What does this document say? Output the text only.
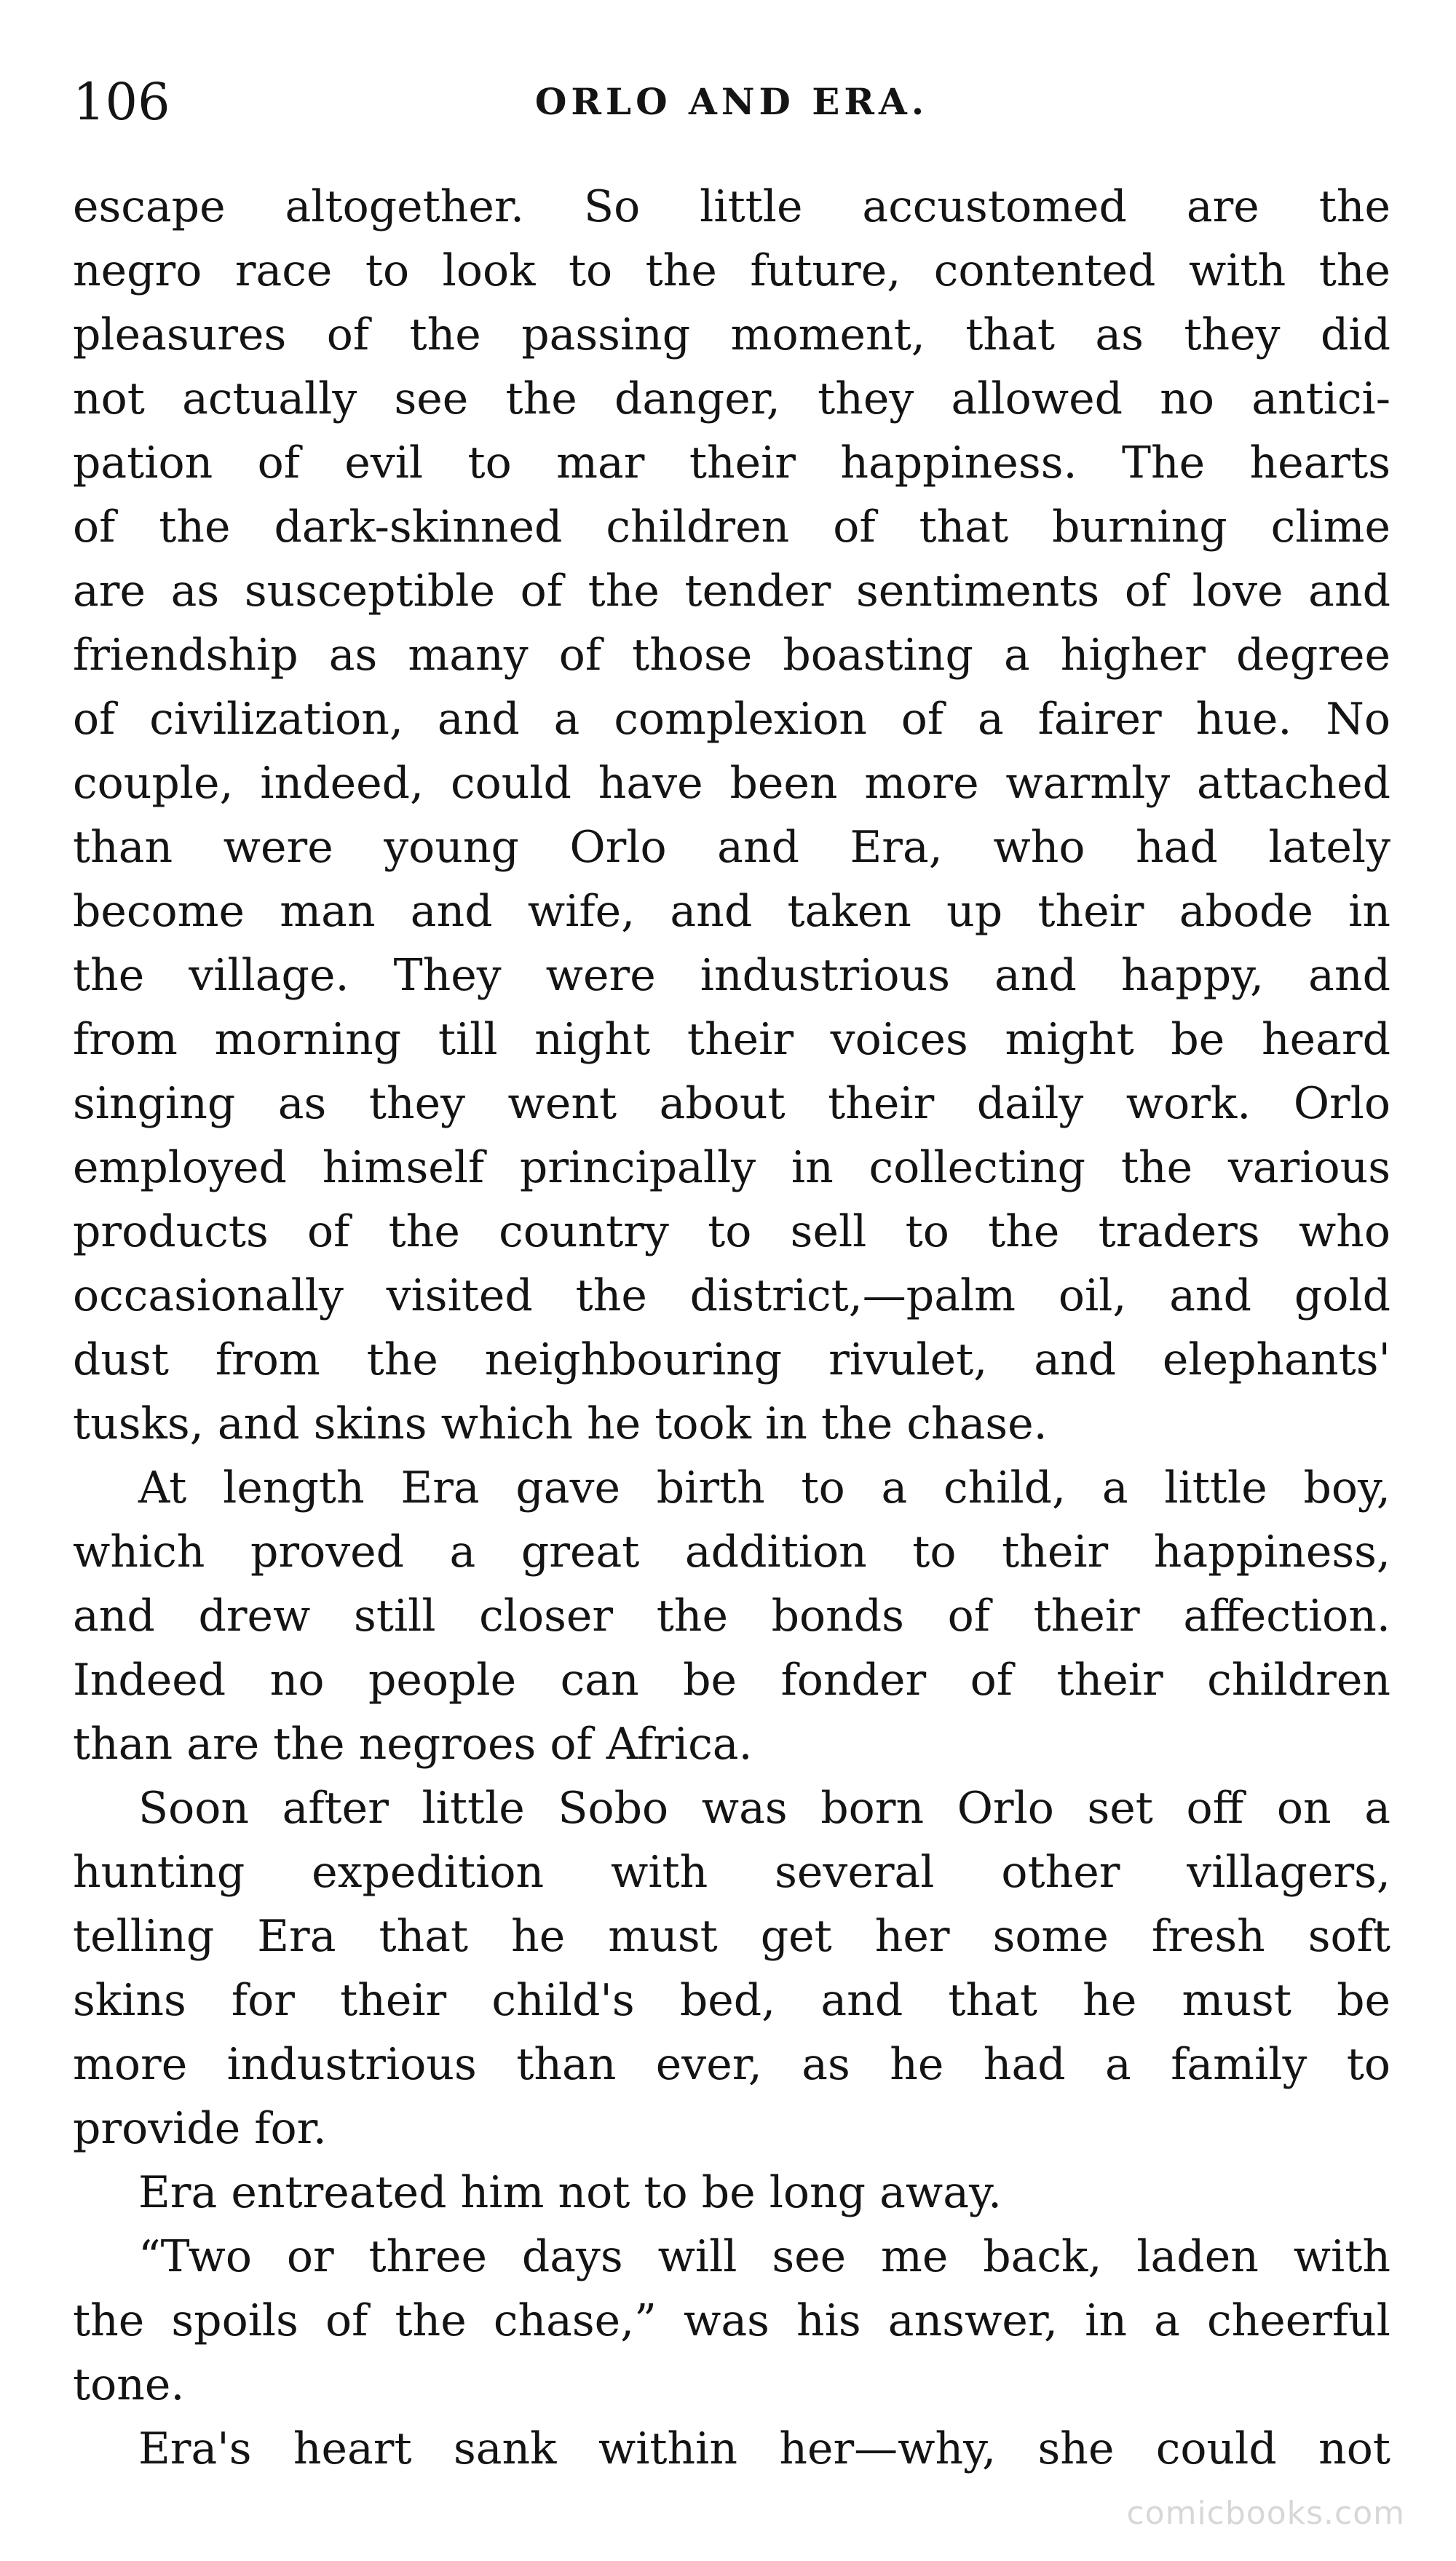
106	ORLO AND ERA.
escape altogether. So little accustomed are the
negro race to look to the future, contented with the
pleasures of the passing moment, that as they did
not actually see the danger, they allowed no antici-
pation of evil to mar their happiness. The hearts
of the dark-skinned children of that burning clime
are as susceptible of the tender sentiments of love and
friendship as many of those boasting a higher degree
of civilization, and a complexion of a fairer hue. No
couple, indeed, could have been more warmly attached
than were young Orlo and Era, who had lately
become man and wife, and taken up their abode in
the village. They were industrious and happy, and
from morning till night their voices might be heard
singing as they went about their daily work. Orlo
employed himself principally in collecting the various
products of the country to sell to the traders who
occasionally visited the district,—palm oil, and gold
dust from the neighbouring rivulet, and elephants'
tusks, and skins which he took in the chase.
At length Era gave birth to a child, a little boy,
which proved a great addition to their happiness,
and drew still closer the bonds of their affection.
Indeed no people can be fonder of their children
than are the negroes of Africa.
Soon after little Sobo was born Orlo set off on a
hunting expedition with several other villagers,
telling Era that he must get her some fresh soft
skins for their child's bed, and that he must be
more industrious than ever, as he had a family to
provide for.
Era entreated him not to be long away.
“Two or three days will see me back, laden with
the spoils of the chase,” was his answer, in a cheerful
tone.
Era's heart sank within her—why, she could not
comicbooks.com
